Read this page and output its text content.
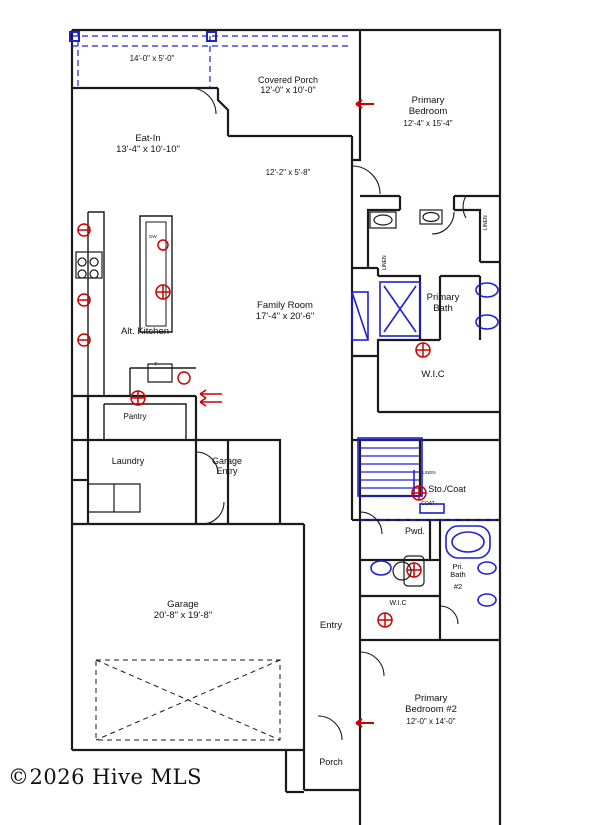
14'-0" x 5'-0"
Covered Porch
12'-0" x 10'-0"
Primary
Bedroom
12'-4" x 15'-4"
Eat-In
13'-4" x 10'-10"
12'-2" x 5'-8"
LINEN
DW
LINEN
Primary
Bath
Family Room
17'-4" x 20'-6"
Alt. Kitchen
W.I.C
F
Pantry
Laundry	Garage
Entry	LINEN
Sto./Coat
COAT
Pwd.
Pri.
Bath
#2
W.I.C
Garage
20'-8" x 19'-8"
Entry
Primary
Bedroom #2
12'-0" x 14'-0"
Porch
©2026 Hive MLS
